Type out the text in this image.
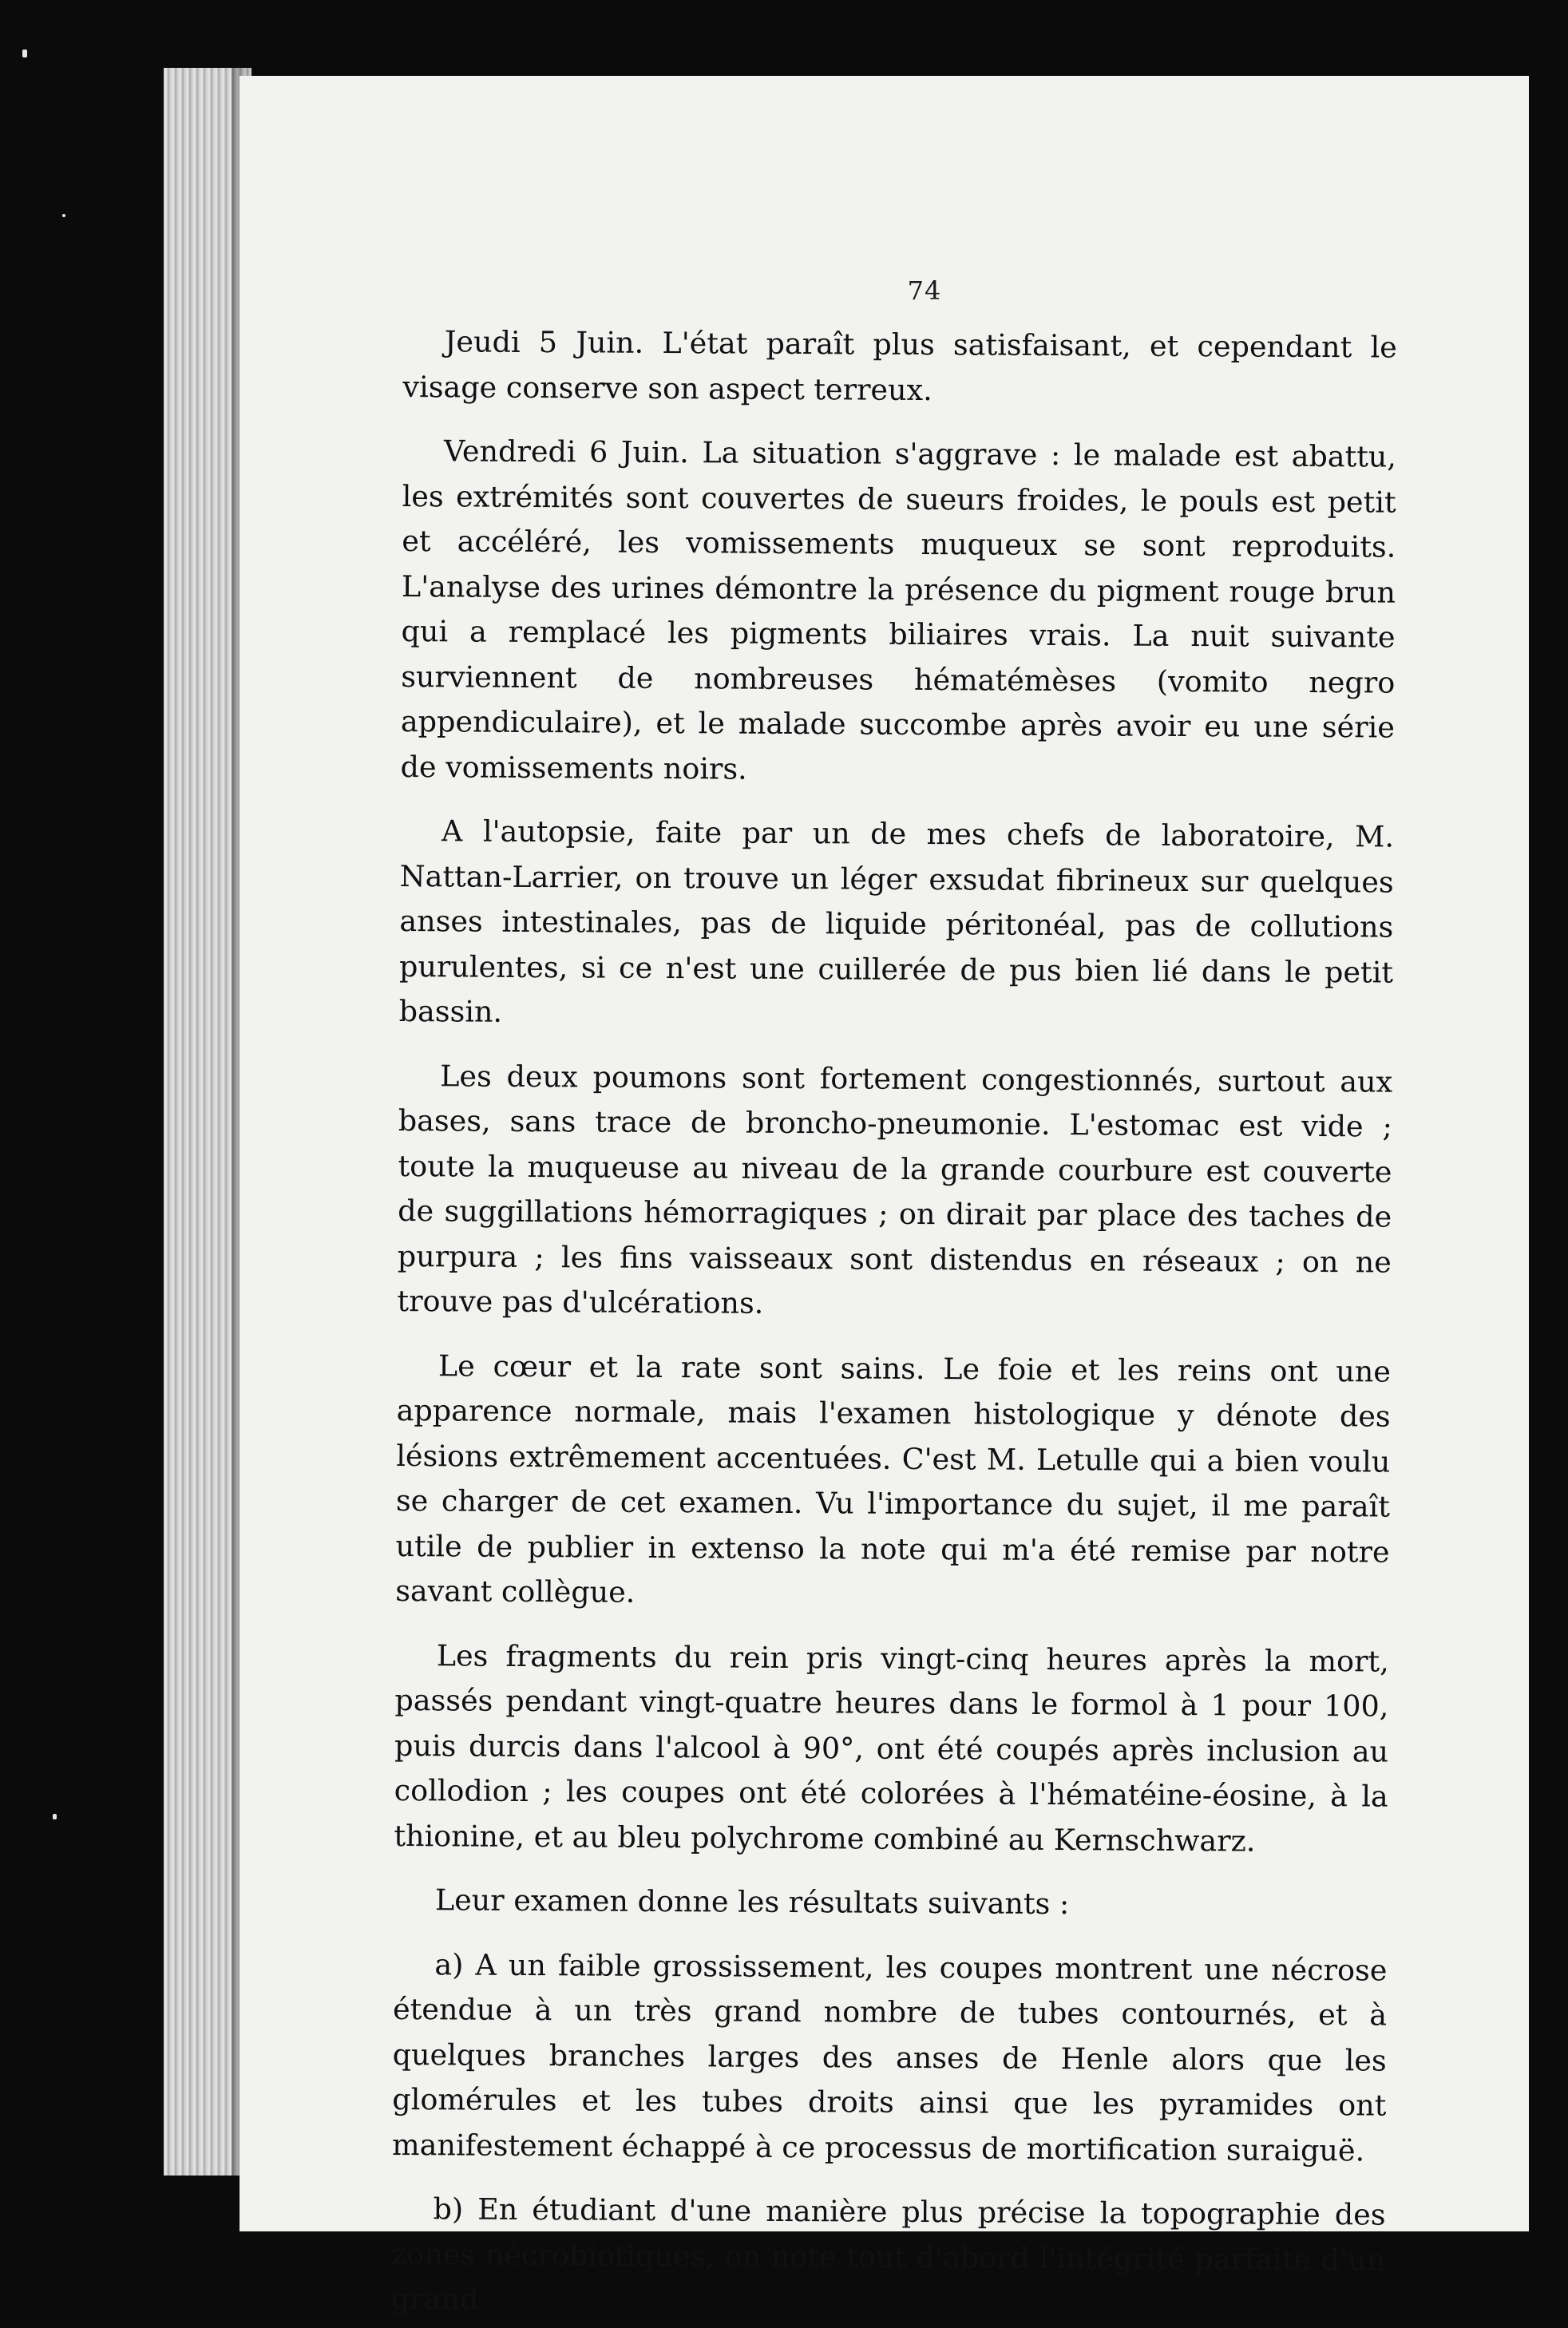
74

Jeudi 5 Juin. L'état paraît plus satisfaisant, et cependant le visage conserve son aspect terreux.

Vendredi 6 Juin. La situation s'aggrave : le malade est abattu, les extrémités sont couvertes de sueurs froides, le pouls est petit et accéléré, les vomissements muqueux se sont reproduits. L'analyse des urines démontre la présence du pigment rouge brun qui a remplacé les pigments biliaires vrais. La nuit suivante surviennent de nombreuses hématémèses (vomito negro appendiculaire), et le malade succombe après avoir eu une série de vomissements noirs.

A l'autopsie, faite par un de mes chefs de laboratoire, M. Nattan-Larrier, on trouve un léger exsudat fibrineux sur quelques anses intestinales, pas de liquide péritonéal, pas de collutions purulentes, si ce n'est une cuillerée de pus bien lié dans le petit bassin.

Les deux poumons sont fortement congestionnés, surtout aux bases, sans trace de broncho-pneumonie. L'estomac est vide ; toute la muqueuse au niveau de la grande courbure est couverte de suggillations hémorragiques ; on dirait par place des taches de purpura ; les fins vaisseaux sont distendus en réseaux ; on ne trouve pas d'ulcérations.

Le cœur et la rate sont sains. Le foie et les reins ont une apparence normale, mais l'examen histologique y dénote des lésions extrêmement accentuées. C'est M. Letulle qui a bien voulu se charger de cet examen. Vu l'importance du sujet, il me paraît utile de publier in extenso la note qui m'a été remise par notre savant collègue.

Les fragments du rein pris vingt-cinq heures après la mort, passés pendant vingt-quatre heures dans le formol à 1 pour 100, puis durcis dans l'alcool à 90°, ont été coupés après inclusion au collodion ; les coupes ont été colorées à l'hématéine-éosine, à la thionine, et au bleu polychrome combiné au Kernschwarz.

Leur examen donne les résultats suivants :

a) A un faible grossissement, les coupes montrent une nécrose étendue à un très grand nombre de tubes contournés, et à quelques branches larges des anses de Henle alors que les glomérules et les tubes droits ainsi que les pyramides ont manifestement échappé à ce processus de mortification suraiguë.

b) En étudiant d'une manière plus précise la topographie des zones nécrobiotiques, on note tout d'abord l'intégrité parfaite d'un grand
